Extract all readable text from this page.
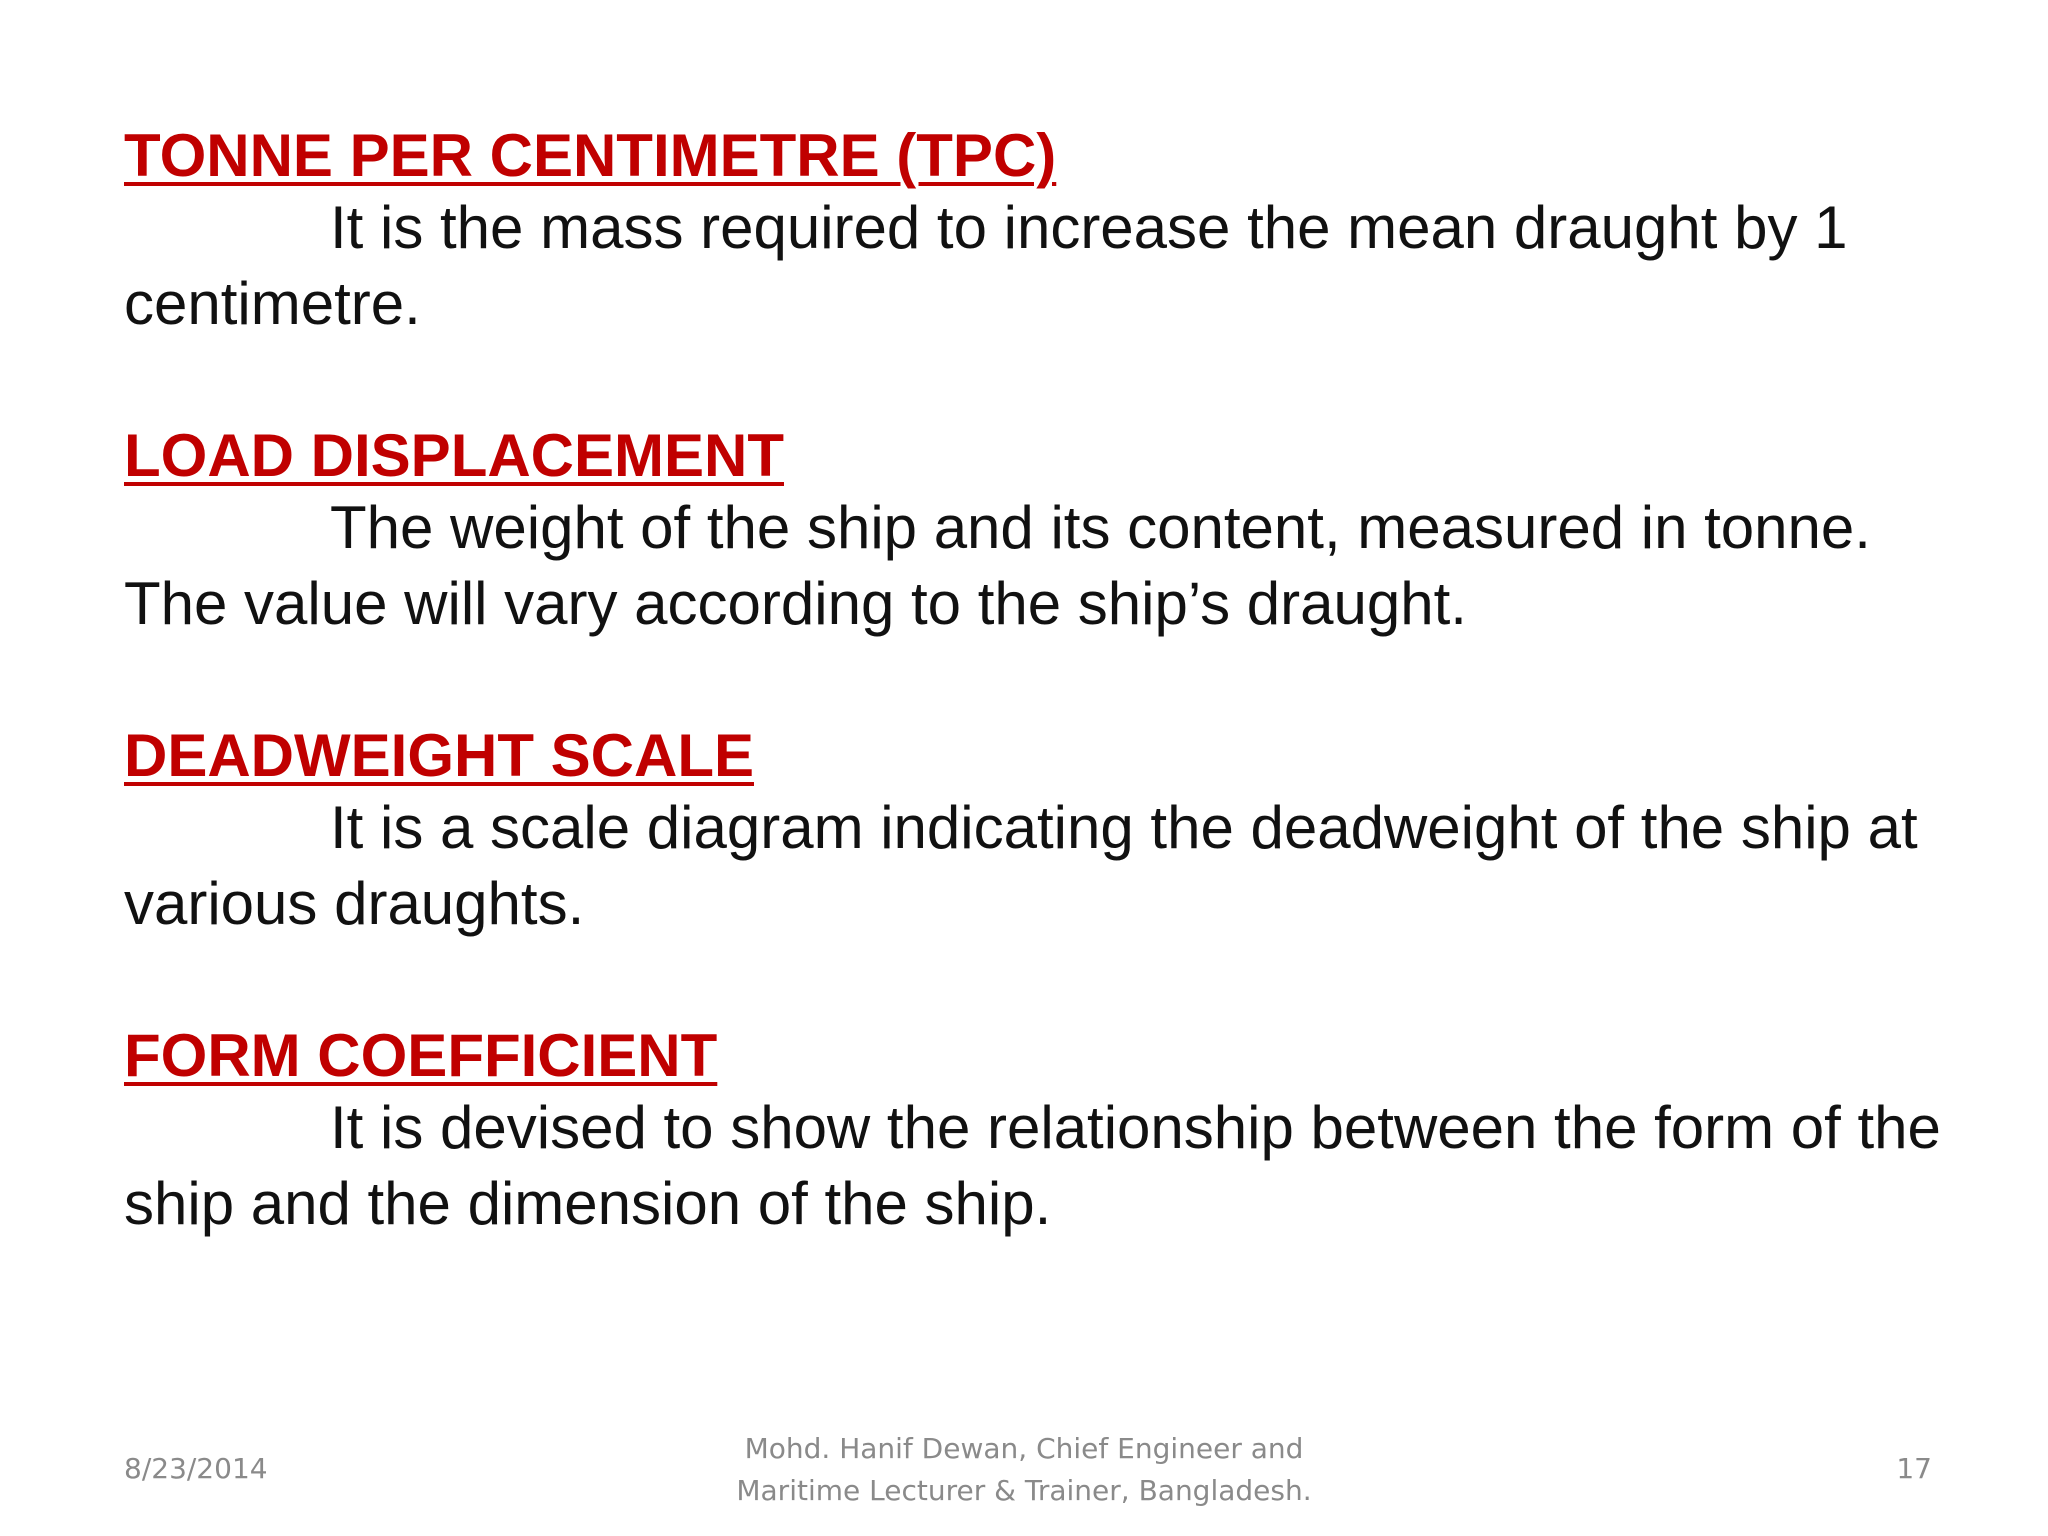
TONNE PER CENTIMETRE (TPC)

It is the mass required to increase the mean draught by 1 centimetre.

LOAD DISPLACEMENT

The weight of the ship and its content, measured in tonne. The value will vary according to the ship’s draught.

DEADWEIGHT SCALE

It is a scale diagram indicating the deadweight of the ship at various draughts.

FORM COEFFICIENT

It is devised to show the relationship between the form of the ship and the dimension of the ship.

8/23/2014
Mohd. Hanif Dewan, Chief Engineer and
Maritime Lecturer & Trainer, Bangladesh.
17
